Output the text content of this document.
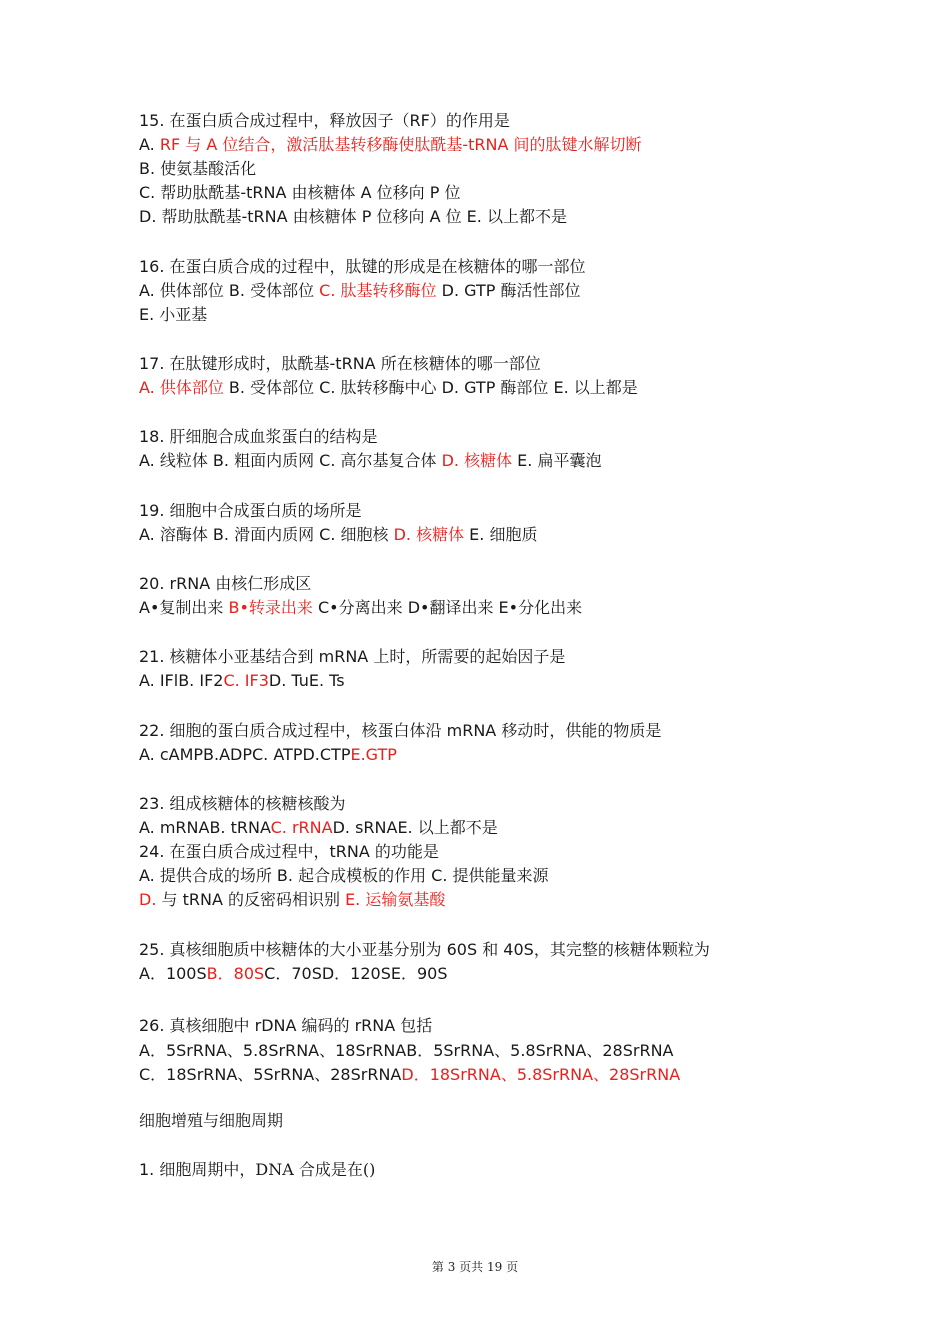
15. 在蛋白质合成过程中，释放因子（RF）的作用是
A. RF 与 A 位结合，激活肽基转移酶使肽酰基-tRNA 间的肽键水解切断
B. 使氨基酸活化
C. 帮助肽酰基-tRNA 由核糖体 A 位移向 P 位
D. 帮助肽酰基-tRNA 由核糖体 P 位移向 A 位 E. 以上都不是
16. 在蛋白质合成的过程中，肽键的形成是在核糖体的哪一部位
A. 供体部位 B. 受体部位 C. 肽基转移酶位 D. GTP 酶活性部位
E. 小亚基
17. 在肽键形成时，肽酰基-tRNA 所在核糖体的哪一部位
A. 供体部位 B. 受体部位 C. 肽转移酶中心 D. GTP 酶部位 E. 以上都是
18. 肝细胞合成血浆蛋白的结构是
A. 线粒体 B. 粗面内质网 C. 高尔基复合体 D. 核糖体 E. 扁平囊泡
19. 细胞中合成蛋白质的场所是
A. 溶酶体 B. 滑面内质网 C. 细胞核 D. 核糖体 E. 细胞质
20. rRNA 由核仁形成区
A•复制出来 B•转录出来 C•分离出来 D•翻译出来 E•分化出来
21. 核糖体小亚基结合到 mRNA 上时，所需要的起始因子是
A. IFlB. IF2C. IF3D. TuE. Ts
22. 细胞的蛋白质合成过程中，核蛋白体沿 mRNA 移动时，供能的物质是
A. cAMPB.ADPC. ATPD.CTPE.GTP
23. 组成核糖体的核糖核酸为
A. mRNAB. tRNAC. rRNAD. sRNAE. 以上都不是
24. 在蛋白质合成过程中，tRNA 的功能是
A. 提供合成的场所 B. 起合成模板的作用 C. 提供能量来源
D. 与 tRNA 的反密码相识别 E. 运输氨基酸
25. 真核细胞质中核糖体的大小亚基分别为 60S 和 40S，其完整的核糖体颗粒为
A．100SB．80SC．70SD．120SE．90S
26. 真核细胞中 rDNA 编码的 rRNA 包括
A．5SrRNA、5.8SrRNA、18SrRNAB．5SrRNA、5.8SrRNA、28SrRNA
C．18SrRNA、5SrRNA、28SrRNAD．18SrRNA、5.8SrRNA、28SrRNA
细胞增殖与细胞周期
1. 细胞周期中，DNA 合成是在()
第 3 页共 19 页
